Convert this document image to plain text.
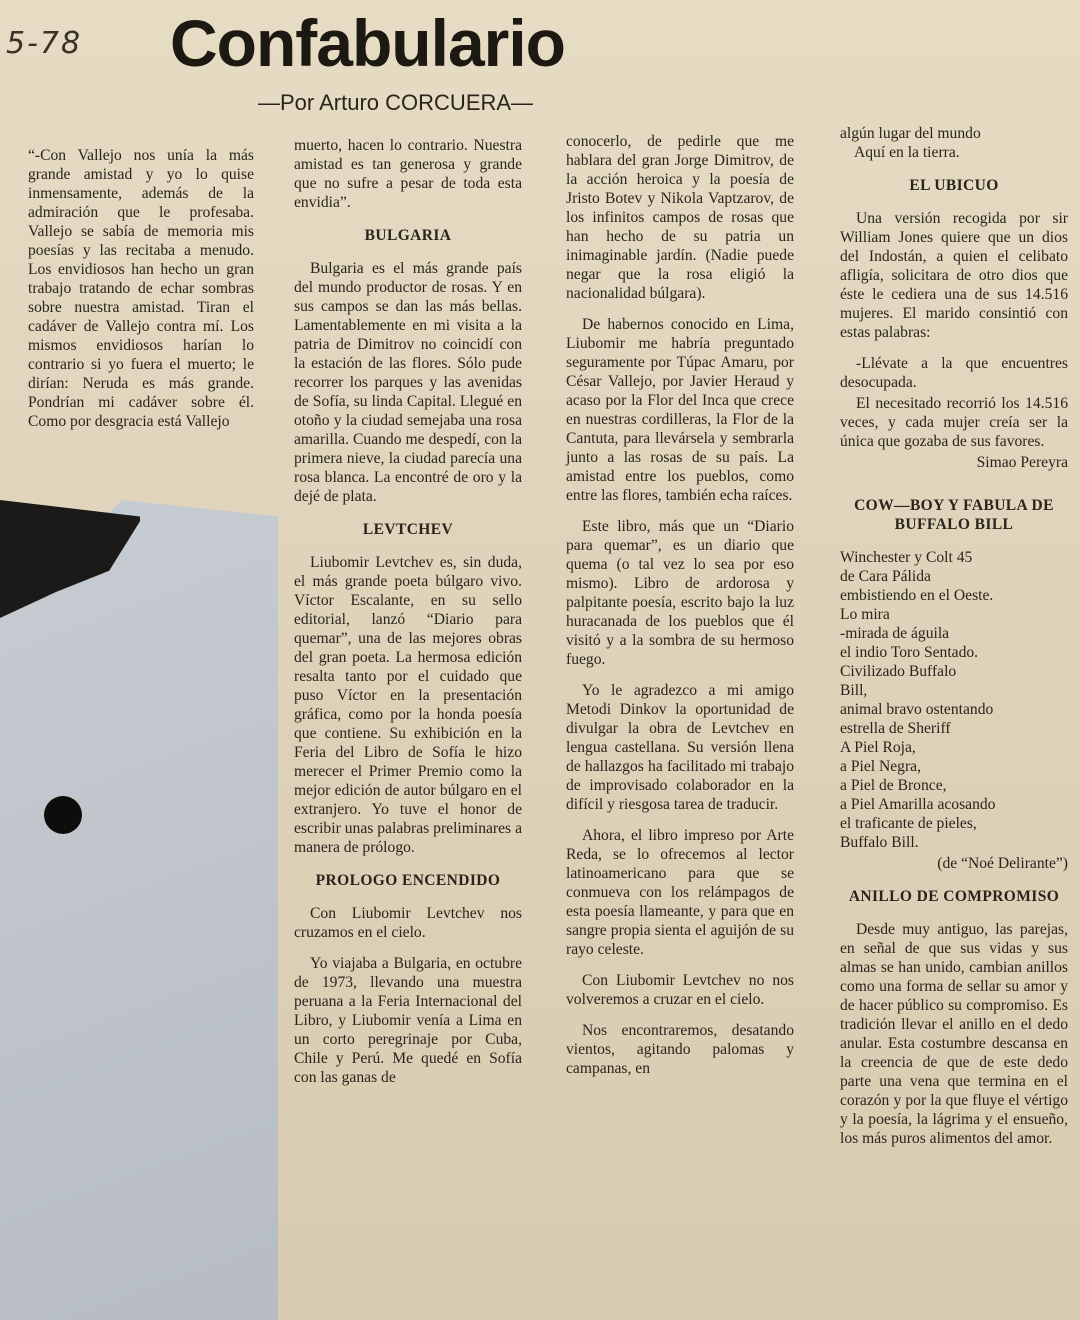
5-78	Confabulario
—Por Arturo CORCUERA—

“-Con Vallejo nos unía la más grande amistad y yo lo quise inmensamente, además de la admiración que le profesaba. Vallejo se sabía de memoria mis poesías y las recitaba a menudo. Los envidiosos han hecho un gran trabajo tratando de echar sombras sobre nuestra amistad. Tiran el cadáver de Vallejo contra mí. Los mismos envidiosos harían lo contrario si yo fuera el muerto; le dirían: Neruda es más grande. Pondrían mi cadáver sobre él. Como por desgracia está Vallejo

muerto, hacen lo contrario. Nuestra amistad es tan generosa y grande que no sufre a pesar de toda esta envidia”.

BULGARIA

Bulgaria es el más grande país del mundo productor de rosas. Y en sus campos se dan las más bellas. Lamentablemente en mi visita a la patria de Dimitrov no coincidí con la estación de las flores. Sólo pude recorrer los parques y las avenidas de Sofía, su linda Capital. Llegué en otoño y la ciudad semejaba una rosa amarilla. Cuando me despedí, con la primera nieve, la ciudad parecía una rosa blanca. La encontré de oro y la dejé de plata.

LEVTCHEV

Liubomir Levtchev es, sin duda, el más grande poeta búlgaro vivo. Víctor Escalante, en su sello editorial, lanzó “Diario para quemar”, una de las mejores obras del gran poeta. La hermosa edición resalta tanto por el cuidado que puso Víctor en la presentación gráfica, como por la honda poesía que contiene. Su exhibición en la Feria del Libro de Sofía le hizo merecer el Primer Premio como la mejor edición de autor búlgaro en el extranjero. Yo tuve el honor de escribir unas palabras preliminares a manera de prólogo.

PROLOGO ENCENDIDO

Con Liubomir Levtchev nos cruzamos en el cielo.

Yo viajaba a Bulgaria, en octubre de 1973, llevando una muestra peruana a la Feria Internacional del Libro, y Liubomir venía a Lima en un corto peregrinaje por Cuba, Chile y Perú. Me quedé en Sofía con las ganas de

conocerlo, de pedirle que me hablara del gran Jorge Dimitrov, de la acción heroica y la poesía de Jristo Botev y Nikola Vaptzarov, de los infinitos campos de rosas que han hecho de su patria un inimaginable jardín. (Nadie puede negar que la rosa eligió la nacionalidad búlgara).

De habernos conocido en Lima, Liubomir me habría preguntado seguramente por Túpac Amaru, por César Vallejo, por Javier Heraud y acaso por la Flor del Inca que crece en nuestras cordilleras, la Flor de la Cantuta, para llevársela y sembrarla junto a las rosas de su país. La amistad entre los pueblos, como entre las flores, también echa raíces.

Este libro, más que un “Diario para quemar”, es un diario que quema (o tal vez lo sea por eso mismo). Libro de ardorosa y palpitante poesía, escrito bajo la luz huracanada de los pueblos que él visitó y a la sombra de su hermoso fuego.

Yo le agradezco a mi amigo Metodi Dinkov la oportunidad de divulgar la obra de Levtchev en lengua castellana. Su versión llena de hallazgos ha facilitado mi trabajo de improvisado colaborador en la difícil y riesgosa tarea de traducir.

Ahora, el libro impreso por Arte Reda, se lo ofrecemos al lector latinoamericano para que se conmueva con los relámpagos de esta poesía llameante, y para que en sangre propia sienta el aguijón de su rayo celeste.

Con Liubomir Levtchev no nos volveremos a cruzar en el cielo.

Nos encontraremos, desatando vientos, agitando palomas y campanas, en

algún lugar del mundo

Aquí en la tierra.

EL UBICUO

Una versión recogida por sir William Jones quiere que un dios del Indostán, a quien el celibato afligía, solicitara de otro dios que éste le cediera una de sus 14.516 mujeres. El marido consintió con estas palabras:

-Llévate a la que encuentres desocupada.

El necesitado recorrió los 14.516 veces, y cada mujer creía ser la única que gozaba de sus favores.

Simao Pereyra

COW—BOY Y FABULA DE BUFFALO BILL

Winchester y Colt 45

de Cara Pálida

embistiendo en el Oeste.

Lo mira

-mirada de águila

el indio Toro Sentado.

Civilizado Buffalo

Bill,

animal bravo ostentando

estrella de Sheriff

A Piel Roja,

a Piel Negra,

a Piel de Bronce,

a Piel Amarilla acosando

el traficante de pieles,

Buffalo Bill.

(de “Noé Delirante”)

ANILLO DE COMPROMISO

Desde muy antiguo, las parejas, en señal de que sus vidas y sus almas se han unido, cambian anillos como una forma de sellar su amor y de hacer público su compromiso. Es tradición llevar el anillo en el dedo anular. Esta costumbre descansa en la creencia de que de este dedo parte una vena que termina en el corazón y por la que fluye el vértigo y la poesía, la lágrima y el ensueño, los más puros alimentos del amor.
